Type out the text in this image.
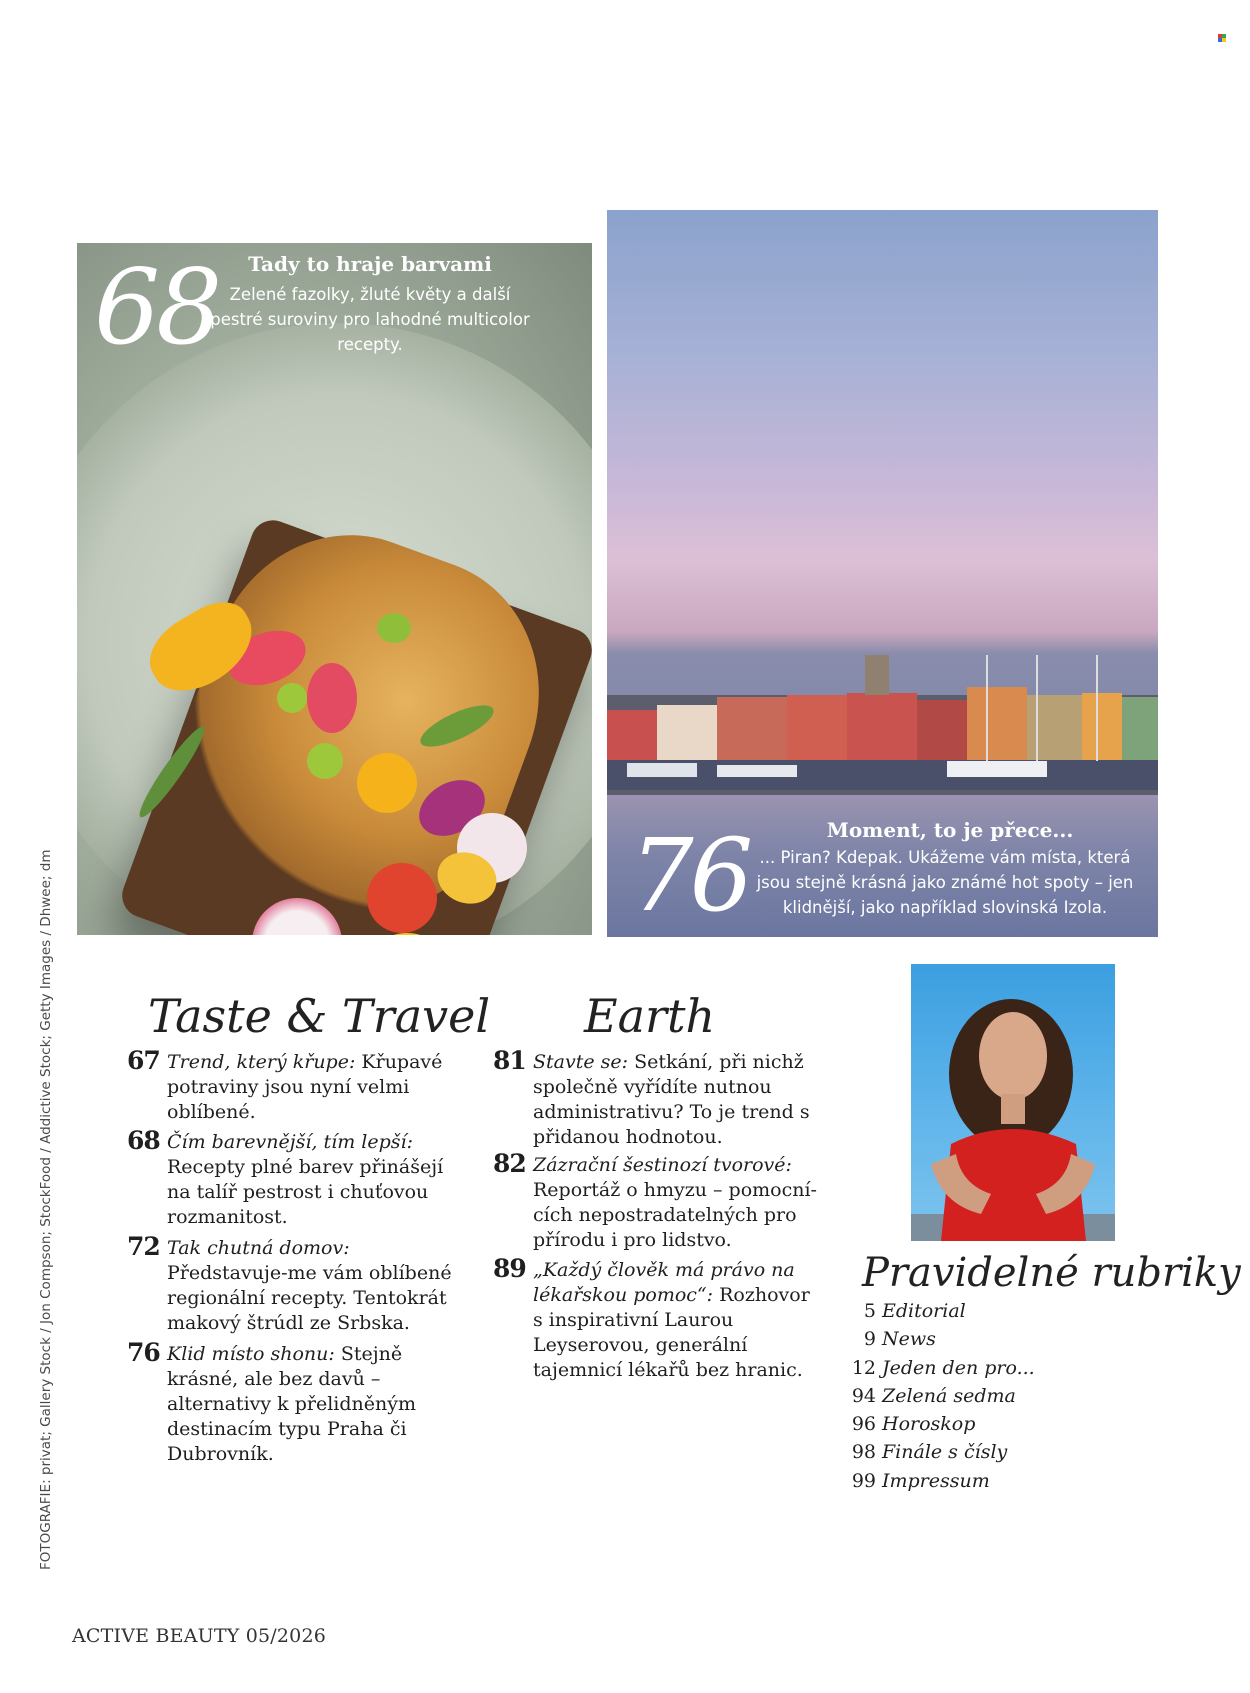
68	Tady to hraje barvami
Zelené fazolky, žluté květy a další pestré suroviny pro lahodné multicolor recepty.
76	Moment, to je přece...
... Piran? Kdepak. Ukážeme vám místa, která jsou stejně krásná jako známé hot spoty – jen klidnější, jako například slovinská Izola.
Taste & Travel
67 Trend, který křupe: Křupavé potraviny jsou nyní velmi oblíbené.
68 Čím barevnější, tím lepší: Recepty plné barev přinášejí na talíř pestrost i chuťovou rozmanitost.
72 Tak chutná domov: Představuje-me vám oblíbené regionální recepty. Tentokrát makový štrúdl ze Srbska.
76 Klid místo shonu: Stejně krásné, ale bez davů – alternativy k přelidněným destinacím typu Praha či Dubrovník.
Earth
81 Stavte se: Setkání, při nichž společně vyřídíte nutnou administrativu? To je trend s přidanou hodnotou.
82 Zázrační šestinozí tvorové: Reportáž o hmyzu – pomocní-cích nepostradatelných pro přírodu i pro lidstvo.
89 „Každý člověk má právo na lékařskou pomoc“: Rozhovor s inspirativní Laurou Leyserovou, generální tajemnicí lékařů bez hranic.
Pravidelné rubriky
5 Editorial
9 News
12 Jeden den pro...
94 Zelená sedma
96 Horoskop
98 Finále s čísly
99 Impressum
FOTOGRAFIE: privat; Gallery Stock / Jon Compson; StockFood / Addictive Stock; Getty Images / Dhwee; dm
ACTIVE BEAUTY 05/2026
